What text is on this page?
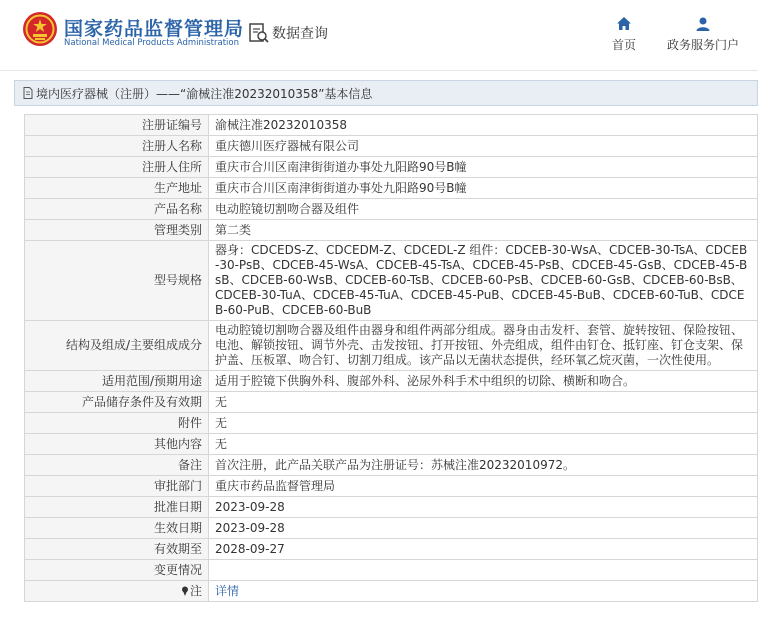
国家药品监督管理局
National Medical Products Administration
数据查询
首页	政务服务门户
境内医疗器械（注册）——“渝械注准20232010358”基本信息
注册证编号	渝械注准20232010358
注册人名称	重庆德川医疗器械有限公司
注册人住所	重庆市合川区南津街街道办事处九阳路90号B幢
生产地址	重庆市合川区南津街街道办事处九阳路90号B幢
产品名称	电动腔镜切割吻合器及组件
管理类别	第二类
型号规格	器身：CDCEDS-Z、CDCEDM-Z、CDCEDL-Z 组件：CDCEB-30-WsA、CDCEB-30-TsA、CDCEB-30-PsB、CDCEB-45-WsA、CDCEB-45-TsA、CDCEB-45-PsB、CDCEB-45-GsB、CDCEB-45-BsB、CDCEB-60-WsB、CDCEB-60-TsB、CDCEB-60-PsB、CDCEB-60-GsB、CDCEB-60-BsB、CDCEB-30-TuA、CDCEB-45-TuA、CDCEB-45-PuB、CDCEB-45-BuB、CDCEB-60-TuB、CDCEB-60-PuB、CDCEB-60-BuB
结构及组成/主要组成成分	电动腔镜切割吻合器及组件由器身和组件两部分组成。器身由击发杆、套管、旋转按钮、保险按钮、电池、解锁按钮、调节外壳、击发按钮、打开按钮、外壳组成，组件由钉仓、抵钉座、钉仓支架、保护盖、压板罩、吻合钉、切割刀组成。该产品以无菌状态提供，经环氧乙烷灭菌，一次性使用。
适用范围/预期用途	适用于腔镜下供胸外科、腹部外科、泌尿外科手术中组织的切除、横断和吻合。
产品储存条件及有效期	无
附件	无
其他内容	无
备注	首次注册，此产品关联产品为注册证号：苏械注准20232010972。
审批部门	重庆市药品监督管理局
批准日期	2023-09-28
生效日期	2023-09-28
有效期至	2028-09-27
变更情况	
注	详情
